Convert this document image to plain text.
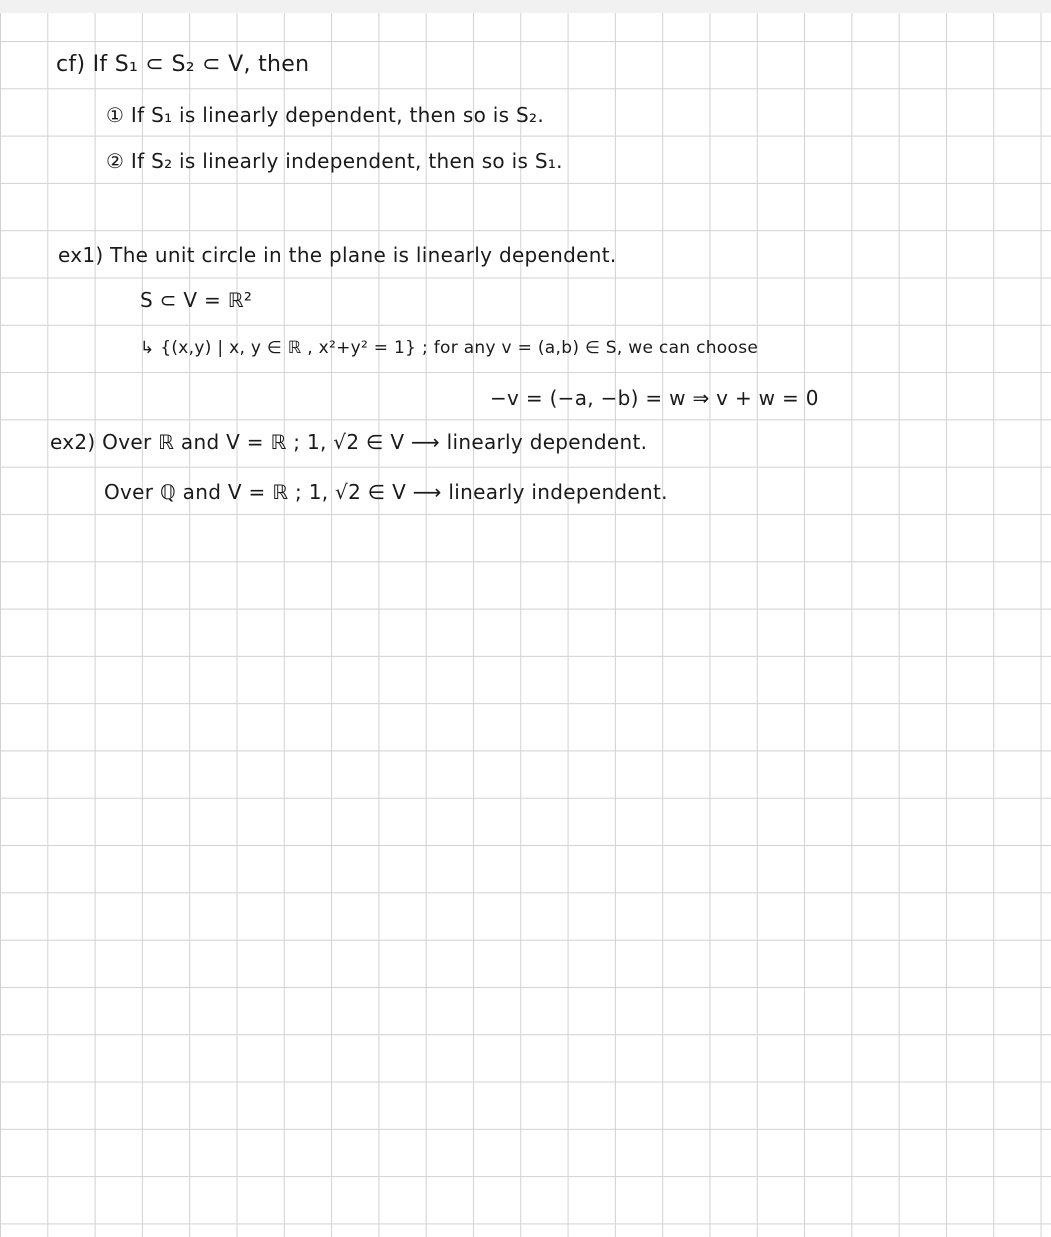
cf) If S₁ ⊂ S₂ ⊂ V, then
① If S₁ is linearly dependent, then so is S₂.
② If S₂ is linearly independent, then so is S₁.
ex1) The unit circle in the plane is linearly dependent.
S ⊂ V = ℝ²
↳ {(x,y) | x, y ∈ ℝ , x²+y² = 1} ; for any v = (a,b) ∈ S, we can choose
−v = (−a, −b) = w ⇒ v + w = 0
ex2) Over ℝ and V = ℝ ; 1, √2 ∈ V ⟶ linearly dependent.
Over ℚ and V = ℝ ; 1, √2 ∈ V ⟶ linearly independent.
